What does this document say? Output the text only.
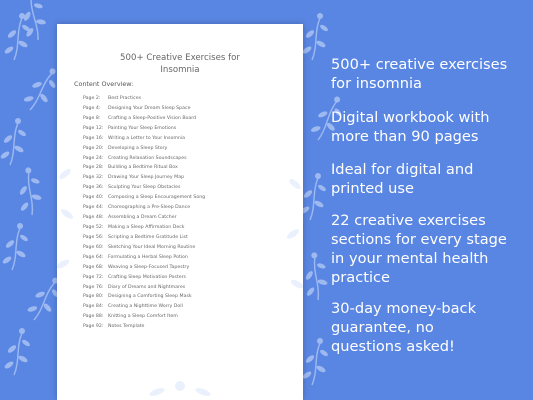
500+ Creative Exercises for
Insomnia
Content Overview:
Page 2: Best Practices
Page 4: Designing Your Dream Sleep Space
Page 8: Crafting a Sleep-Positive Vision Board
Page 12: Painting Your Sleep Emotions
Page 16: Writing a Letter to Your Insomnia
Page 20: Developing a Sleep Story
Page 24: Creating Relaxation Soundscapes
Page 28: Building a Bedtime Ritual Box
Page 32: Drawing Your Sleep Journey Map
Page 36: Sculpting Your Sleep Obstacles
Page 40: Composing a Sleep Encouragement Song
Page 44: Choreographing a Pre-Sleep Dance
Page 48: Assembling a Dream Catcher
Page 52: Making a Sleep Affirmation Deck
Page 56: Scripting a Bedtime Gratitude List
Page 60: Sketching Your Ideal Morning Routine
Page 64: Formulating a Herbal Sleep Potion
Page 68: Weaving a Sleep-Focused Tapestry
Page 72: Crafting Sleep Motivation Posters
Page 76: Diary of Dreams and Nightmares
Page 80: Designing a Comforting Sleep Mask
Page 84: Creating a Nighttime Worry Doll
Page 88: Knitting a Sleep Comfort Item
Page 92: Notes Template
500+ creative exercises
for insomnia
Digital workbook with
more than 90 pages
Ideal for digital and
printed use
22 creative exercises
sections for every stage
in your mental health
practice
30-day money-back
guarantee, no
questions asked!
